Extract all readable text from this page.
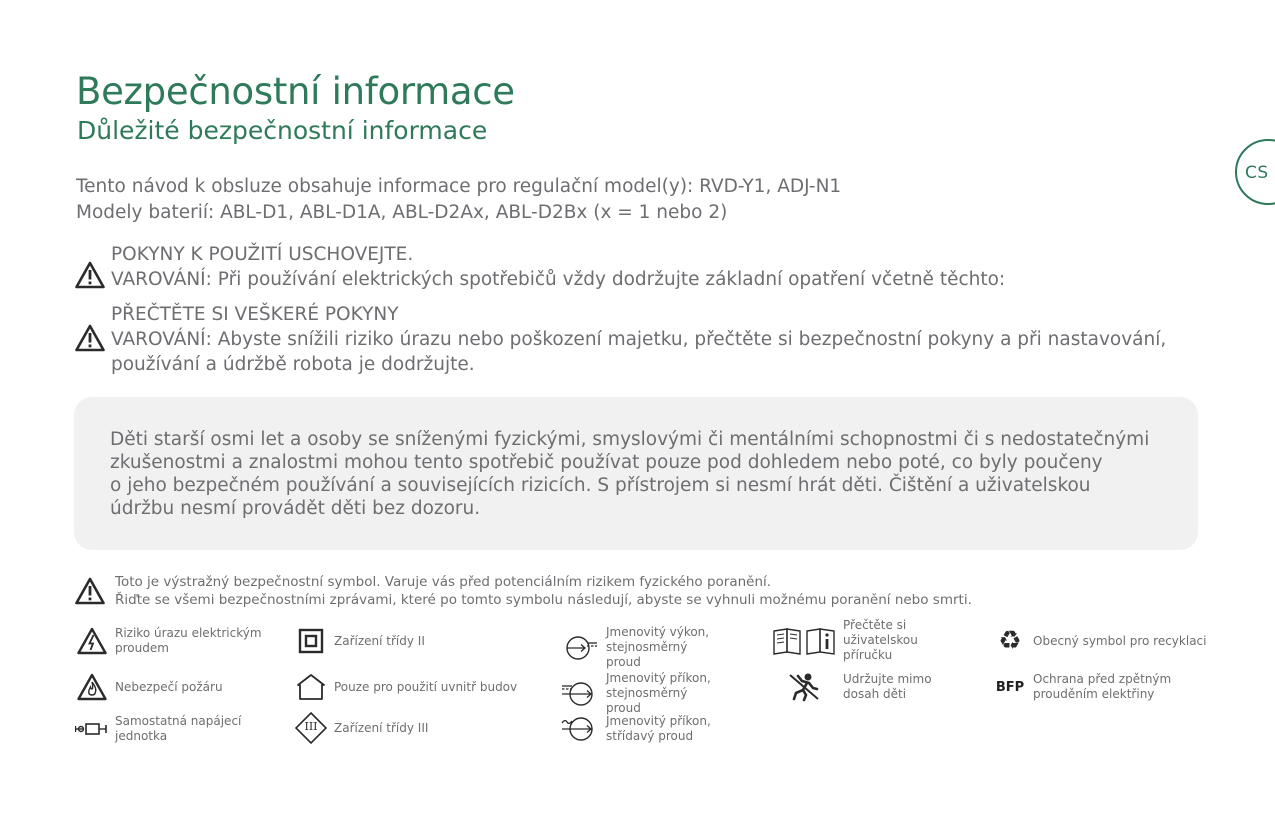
Bezpečnostní informace
Důležité bezpečnostní informace
CS
Tento návod k obsluze obsahuje informace pro regulační model(y): RVD-Y1, ADJ-N1
Modely baterií: ABL-D1, ABL-D1A, ABL-D2Ax, ABL-D2Bx (x = 1 nebo 2)
POKYNY K POUŽITÍ USCHOVEJTE.
VAROVÁNÍ: Při používání elektrických spotřebičů vždy dodržujte základní opatření včetně těchto:
PŘEČTĚTE SI VEŠKERÉ POKYNY
VAROVÁNÍ: Abyste snížili riziko úrazu nebo poškození majetku, přečtěte si bezpečnostní pokyny a při nastavování,
používání a údržbě robota je dodržujte.
Děti starší osmi let a osoby se sníženými fyzickými, smyslovými či mentálními schopnostmi či s nedostatečnými
zkušenostmi a znalostmi mohou tento spotřebič používat pouze pod dohledem nebo poté, co byly poučeny
o jeho bezpečném používání a souvisejících rizicích. S přístrojem si nesmí hrát děti. Čištění a uživatelskou
údržbu nesmí provádět děti bez dozoru.
Toto je výstražný bezpečnostní symbol. Varuje vás před potenciálním rizikem fyzického poranění.
Řiďte se všemi bezpečnostními zprávami, které po tomto symbolu následují, abyste se vyhnuli možnému poranění nebo smrti.
Riziko úrazu elektrickým proudem
Nebezpečí požáru
Samostatná napájecí jednotka
Zařízení třídy II
Pouze pro použití uvnitř budov
III	Zařízení třídy III
Jmenovitý výkon, stejnosměrný proud
Jmenovitý příkon, stejnosměrný proud
Jmenovitý příkon, střídavý proud
Přečtěte si uživatelskou příručku
Udržujte mimo dosah děti
♻ Obecný symbol pro recyklaci
BFP
Ochrana před zpětným prouděním elektřiny
